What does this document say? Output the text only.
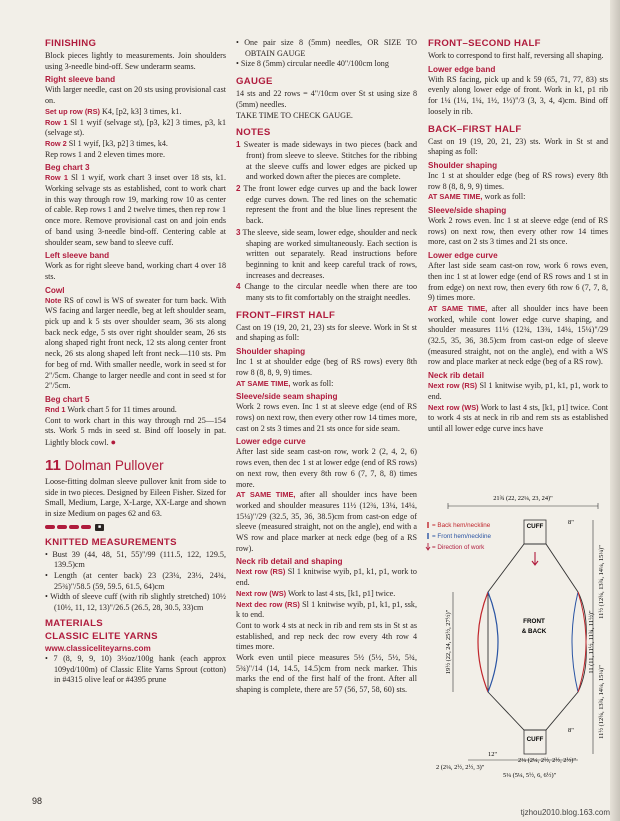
FINISHING

Block pieces lightly to measurements. Join shoulders using 3-needle bind-off. Sew underarm seams.

Right sleeve band

With larger needle, cast on 20 sts using provisional cast on.

Set up row (RS) K4, [p2, k3] 3 times, k1.

Row 1 Sl 1 wyif (selvage st), [p3, k2] 3 times, p3, k1 (selvage st).

Row 2 Sl 1 wyif, [k3, p2] 3 times, k4.

Rep rows 1 and 2 eleven times more.

Beg chart 3

Row 1 Sl 1 wyif, work chart 3 inset over 18 sts, k1. Working selvage sts as established, cont to work chart in this way through row 19, marking row 10 as center of cable. Rep rows 1 and 2 twelve times, then rep row 1 once more. Remove provisional cast on and join ends of band using 3-needle bind-off. Centering cable at shoulder seam, sew band to sleeve cuff.

Left sleeve band

Work as for right sleeve band, working chart 4 over 18 sts.

Cowl

Note RS of cowl is WS of sweater for turn back. With WS facing and larger needle, beg at left shoulder seam, pick up and k 5 sts over shoulder seam, 36 sts along back neck edge, 5 sts over right shoulder seam, 26 sts along shaped right front neck, 12 sts along center front neck, 26 sts along shaped left front neck—110 sts. Pm for beg of rnd. With smaller needle, work in seed st for 2"/5cm. Change to larger needle and cont in seed st for 2"/5cm.

Beg chart 5

Rnd 1 Work chart 5 for 11 times around.

Cont to work chart in this way through rnd 25—154 sts. Work 5 rnds in seed st. Bind off loosely in pat. Lightly block cowl. ●

11 Dolman Pullover

Loose-fitting dolman sleeve pullover knit from side to side in two pieces. Designed by Eileen Fisher. Sized for Small, Medium, Large, X-Large, XX-Large and shown in size Medium on pages 62 and 63.

■
KNITTED MEASUREMENTS

• Bust 39 (44, 48, 51, 55)"/99 (111.5, 122, 129.5, 139.5)cm

• Length (at center back) 23 (23¼, 23½, 24¾, 25¾)"/58.5 (59, 59.5, 61.5, 64)cm

• Width of sleeve cuff (with rib slightly stretched) 10½ (10½, 11, 12, 13)"/26.5 (26.5, 28, 30.5, 33)cm

MATERIALS
CLASSIC ELITE YARNS
www.classiceliteyarns.com

• 7 (8, 9, 9, 10) 3½oz/100g hank (each approx 109yd/100m) of Classic Elite Yarns Sprout (cotton) in #4315 olive leaf or #4395 prune

• One pair size 8 (5mm) needles, OR SIZE TO OBTAIN GAUGE

• Size 8 (5mm) circular needle 40"/100cm long

GAUGE

14 sts and 22 rows = 4"/10cm over St st using size 8 (5mm) needles.

TAKE TIME TO CHECK GAUGE.

NOTES

1 Sweater is made sideways in two pieces (back and front) from sleeve to sleeve. Stitches for the ribbing at the sleeve cuffs and lower edges are picked up and worked down after the pieces are complete.

2 The front lower edge curves up and the back lower edge curves down. The red lines on the schematic represent the front and the blue lines represent the back.

3 The sleeve, side seam, lower edge, shoulder and neck shaping are worked simultaneously. Each section is written out separately. Read instructions before beginning to knit and keep careful track of rows, increases and decreases.

4 Change to the circular needle when there are too many sts to fit comfortably on the straight needles.

FRONT–FIRST HALF

Cast on 19 (19, 20, 21, 23) sts for sleeve. Work in St st and shaping as foll:

Shoulder shaping

Inc 1 st at shoulder edge (beg of RS rows) every 8th row 8 (8, 8, 9, 9) times.

AT SAME TIME, work as foll:

Sleeve/side seam shaping

Work 2 rows even. Inc 1 st at sleeve edge (end of RS rows) on next row, then every other row 14 times more, cast on 2 sts 3 times and 21 sts once for side seam.

Lower edge curve

After last side seam cast-on row, work 2 (2, 4, 2, 6) rows even, then dec 1 st at lower edge (end of RS rows) on next row, then every 8th row 6 (7, 7, 8, 8) times more.

AT SAME TIME, after all shoulder incs have been worked and shoulder measures 11½ (12¾, 13¼, 14¼, 15¼)"/29 (32.5, 35, 36, 38.5)cm from cast-on edge of sleeve (measured straight, not on the angle), end with a WS row and place marker at neck edge (beg of a RS row).

Neck rib detail and shaping

Next row (RS) Sl 1 knitwise wyib, p1, k1, p1, work to end.

Next row (WS) Work to last 4 sts, [k1, p1] twice.

Next dec row (RS) Sl 1 knitwise wyib, p1, k1, p1, ssk, k to end.

Cont to work 4 sts at neck in rib and rem sts in St st as established, and rep neck dec row every 4th row 4 times more.

Work even until piece measures 5½ (5½, 5½, 5¾, 5¾)"/14 (14, 14.5, 14.5)cm from neck marker. This marks the end of the first half of the front. After all shaping is complete, there are 57 (56, 57, 58, 60) sts.

FRONT–SECOND HALF

Work to correspond to first half, reversing all shaping.

Lower edge band

With RS facing, pick up and k 59 (65, 71, 77, 83) sts evenly along lower edge of front. Work in k1, p1 rib for 1¼ (1¼, 1¼, 1½, 1½)"/3 (3, 3, 4, 4)cm. Bind off loosely in rib.

BACK–FIRST HALF

Cast on 19 (19, 20, 21, 23) sts. Work in St st and shaping as foll:

Shoulder shaping

Inc 1 st at shoulder edge (beg of RS rows) every 8th row 8 (8, 8, 9, 9) times.

AT SAME TIME, work as foll:

Sleeve/side shaping

Work 2 rows even. Inc 1 st at sleeve edge (end of RS rows) on next row, then every other row 14 times more, cast on 2 sts 3 times and 21 sts once.

Lower edge curve

After last side seam cast-on row, work 6 rows even, then inc 1 st at lower edge (end of RS rows and 1 st in from edge) on next row, then every 6th row 6 (7, 7, 8, 9) times more.

AT SAME TIME, after all shoulder incs have been worked, while cont lower edge curve shaping, and shoulder measures 11½ (12¾, 13¾, 14¼, 15¼)"/29 (32.5, 35, 36, 38.5)cm from cast-on edge of sleeve (measured straight, not on the angle), end with a WS row and place marker at neck edge (beg of a RS row).

Neck rib detail

Next row (RS) Sl 1 knitwise wyib, p1, k1, p1, work to end.

Next row (WS) Work to last 4 sts, [k1, p1] twice. Cont to work 4 sts at neck in rib and rem sts as established until all lower edge curve incs have

21¾ (22, 22¼, 23, 24)"
= Back hem/neckline
= Front hem/neckline
= Direction of work
CUFF
FRONT
& BACK
CUFF
19½ (22, 24, 25½, 27½)"
8"
11½ (12¾, 13¾, 14¼, 15¼)"
11 (11, 11½, 11¾, 11½)"
11½ (12¾, 13¾, 14¼, 15¼)"
8"
12"
2 (2¼, 2½, 2½, 3)"
2¼ (2¼, 2½, 2½, 2½)"
5¼ (5¼, 5½, 6, 6½)"
98
tjzhou2010.blog.163.com
